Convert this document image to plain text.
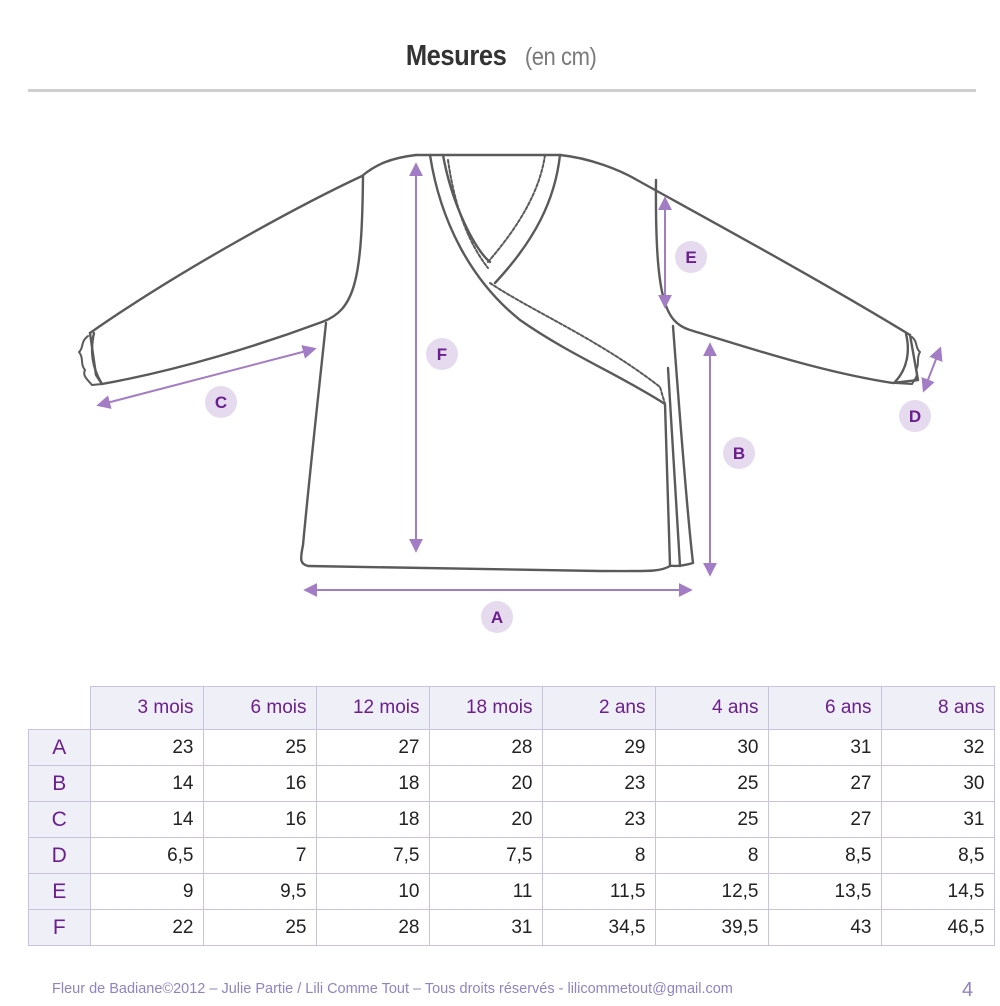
Mesures (en cm)
A
B
C
D
E
F
	3 mois	6 mois	12 mois	18 mois	2 ans	4 ans	6 ans	8 ans
A	23	25	27	28	29	30	31	32
B	14	16	18	20	23	25	27	30
C	14	16	18	20	23	25	27	31
D	6,5	7	7,5	7,5	8	8	8,5	8,5
E	9	9,5	10	11	11,5	12,5	13,5	14,5
F	22	25	28	31	34,5	39,5	43	46,5
Fleur de Badiane©2012 – Julie Partie / Lili Comme Tout – Tous droits réservés - lilicommetout@gmail.com	4
